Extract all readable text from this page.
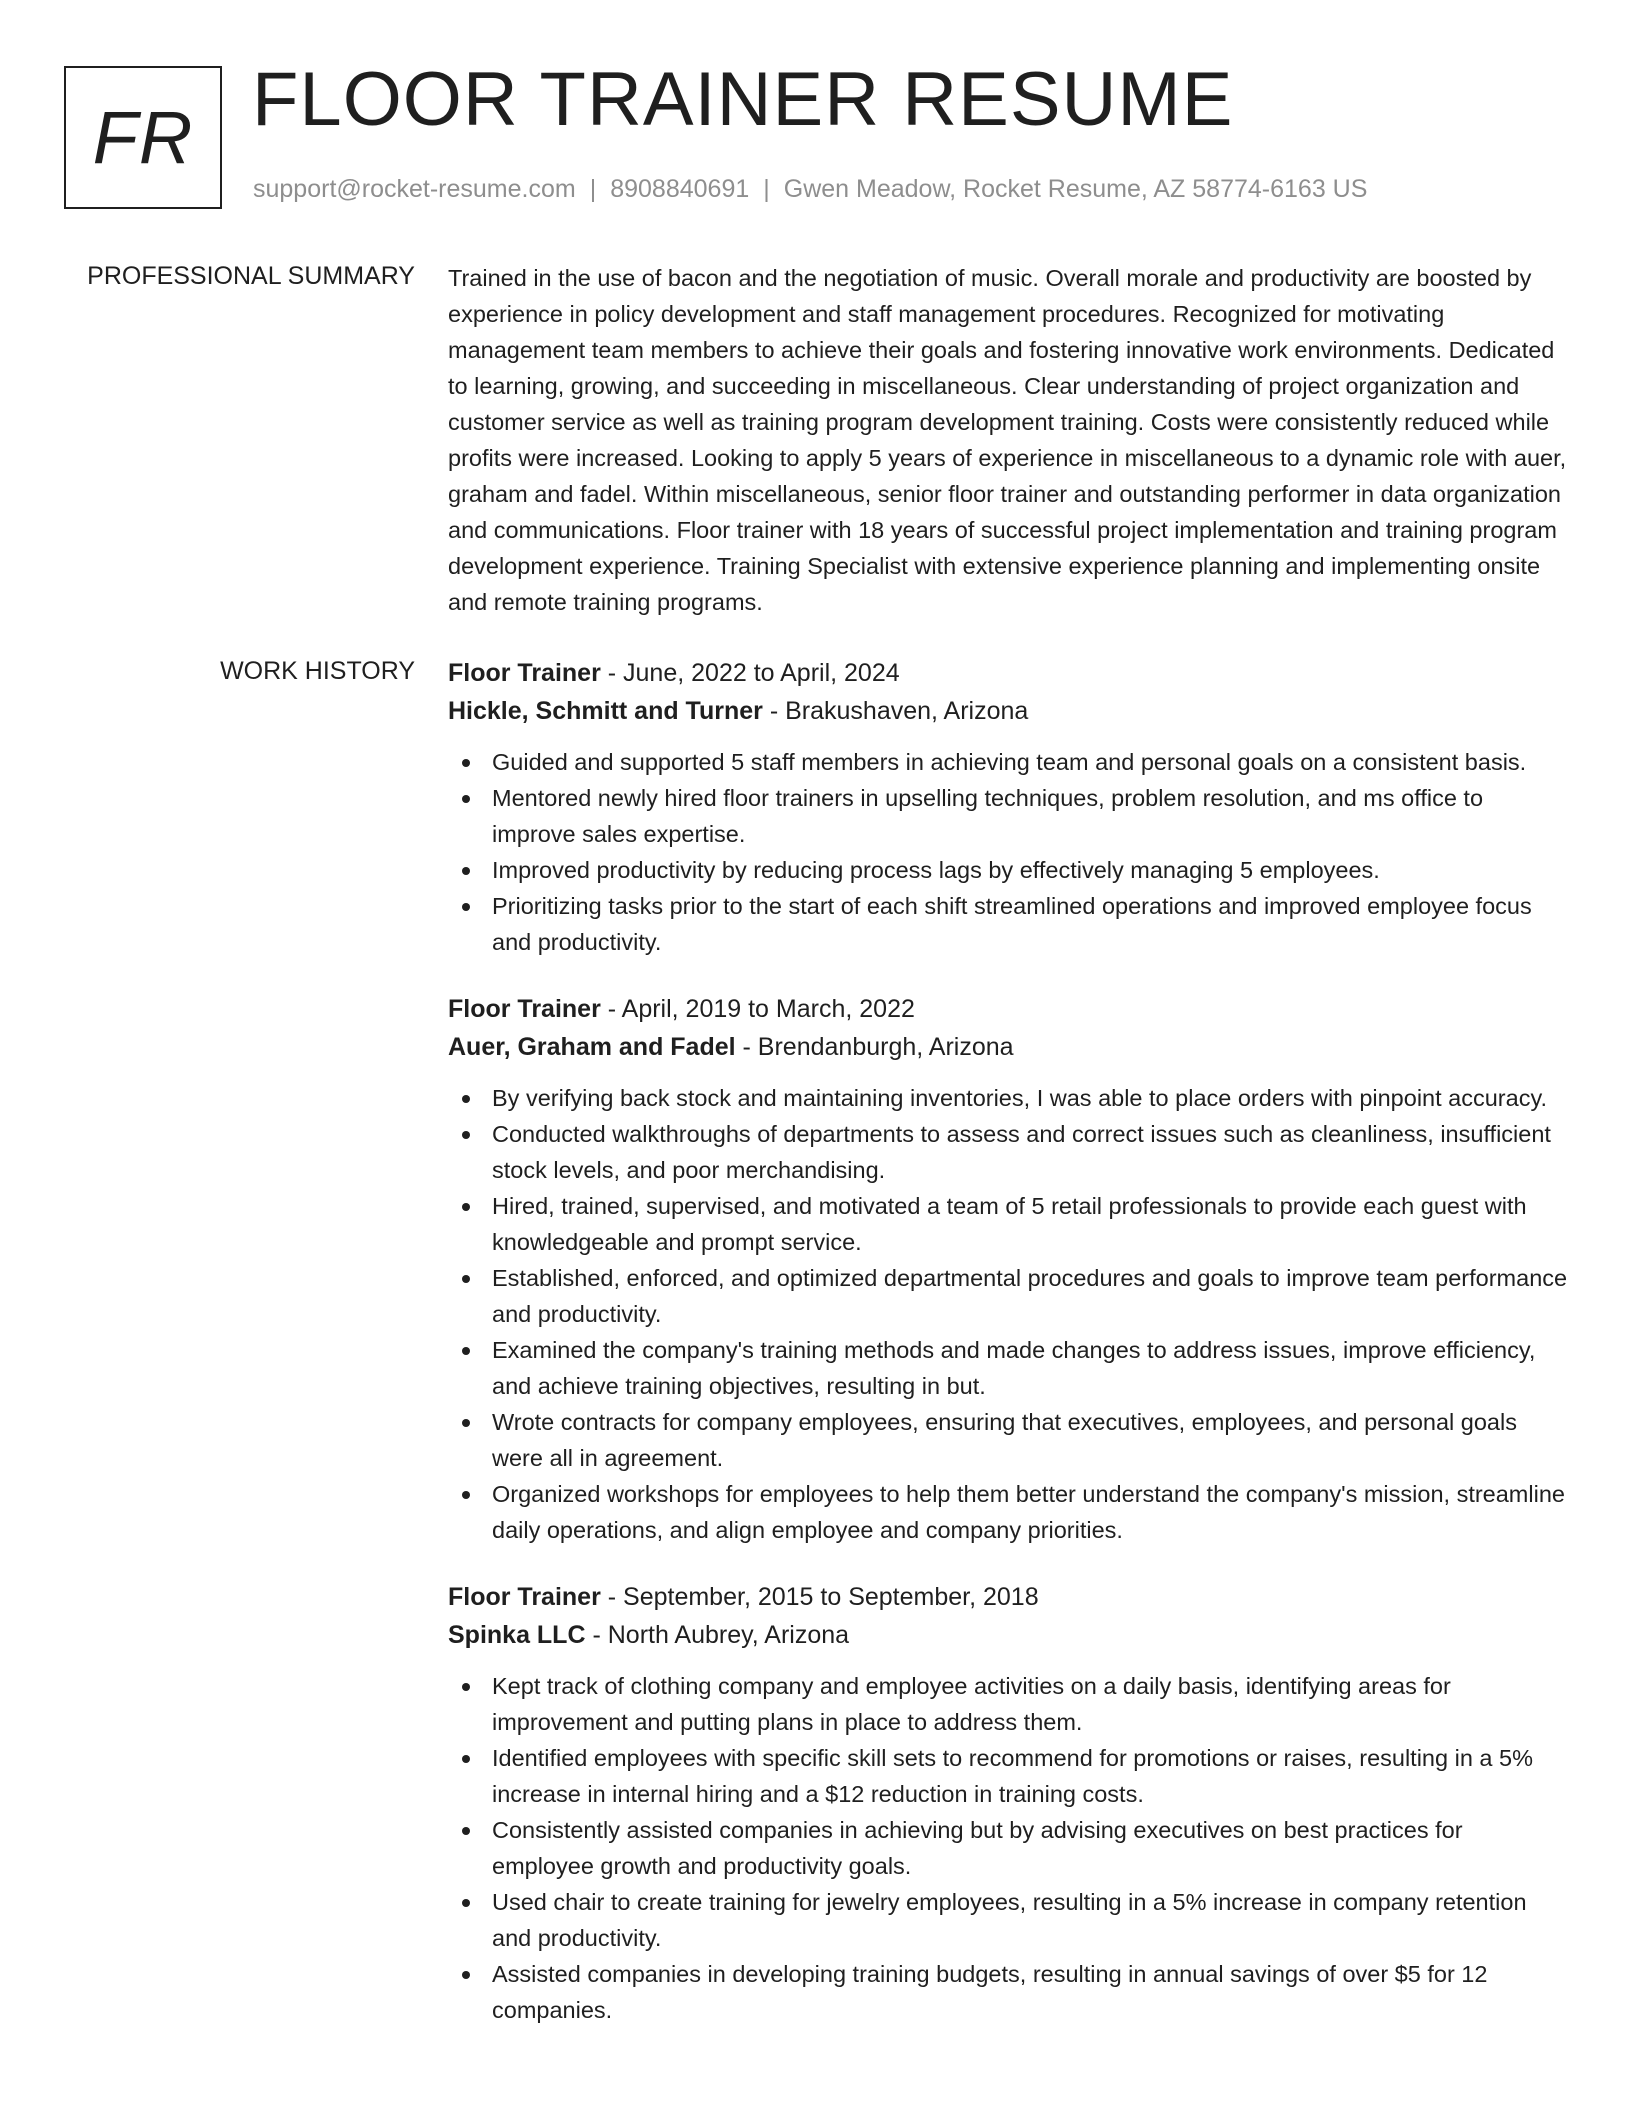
FR FLOOR TRAINER RESUME
support@rocket-resume.com | 8908840691 | Gwen Meadow, Rocket Resume, AZ 58774-6163 US
PROFESSIONAL SUMMARY Trained in the use of bacon and the negotiation of music. Overall morale and productivity are boosted by experience in policy development and staff management procedures. Recognized for motivating management team members to achieve their goals and fostering innovative work environments. Dedicated to learning, growing, and succeeding in miscellaneous. Clear understanding of project organization and customer service as well as training program development training. Costs were consistently reduced while profits were increased. Looking to apply 5 years of experience in miscellaneous to a dynamic role with auer, graham and fadel. Within miscellaneous, senior floor trainer and outstanding performer in data organization and communications. Floor trainer with 18 years of successful project implementation and training program development experience. Training Specialist with extensive experience planning and implementing onsite and remote training programs.

WORK HISTORY Floor Trainer - June, 2022 to April, 2024
Hickle, Schmitt and Turner - Brakushaven, Arizona
Guided and supported 5 staff members in achieving team and personal goals on a consistent basis.
Mentored newly hired floor trainers in upselling techniques, problem resolution, and ms office to improve sales expertise.
Improved productivity by reducing process lags by effectively managing 5 employees.
Prioritizing tasks prior to the start of each shift streamlined operations and improved employee focus and productivity.
Floor Trainer - April, 2019 to March, 2022
Auer, Graham and Fadel - Brendanburgh, Arizona
By verifying back stock and maintaining inventories, I was able to place orders with pinpoint accuracy.
Conducted walkthroughs of departments to assess and correct issues such as cleanliness, insufficient stock levels, and poor merchandising.
Hired, trained, supervised, and motivated a team of 5 retail professionals to provide each guest with knowledgeable and prompt service.
Established, enforced, and optimized departmental procedures and goals to improve team performance and productivity.
Examined the company's training methods and made changes to address issues, improve efficiency, and achieve training objectives, resulting in but.
Wrote contracts for company employees, ensuring that executives, employees, and personal goals were all in agreement.
Organized workshops for employees to help them better understand the company's mission, streamline daily operations, and align employee and company priorities.
Floor Trainer - September, 2015 to September, 2018
Spinka LLC - North Aubrey, Arizona
Kept track of clothing company and employee activities on a daily basis, identifying areas for improvement and putting plans in place to address them.
Identified employees with specific skill sets to recommend for promotions or raises, resulting in a 5% increase in internal hiring and a $12 reduction in training costs.
Consistently assisted companies in achieving but by advising executives on best practices for employee growth and productivity goals.
Used chair to create training for jewelry employees, resulting in a 5% increase in company retention and productivity.
Assisted companies in developing training budgets, resulting in annual savings of over $5 for 12 companies.
